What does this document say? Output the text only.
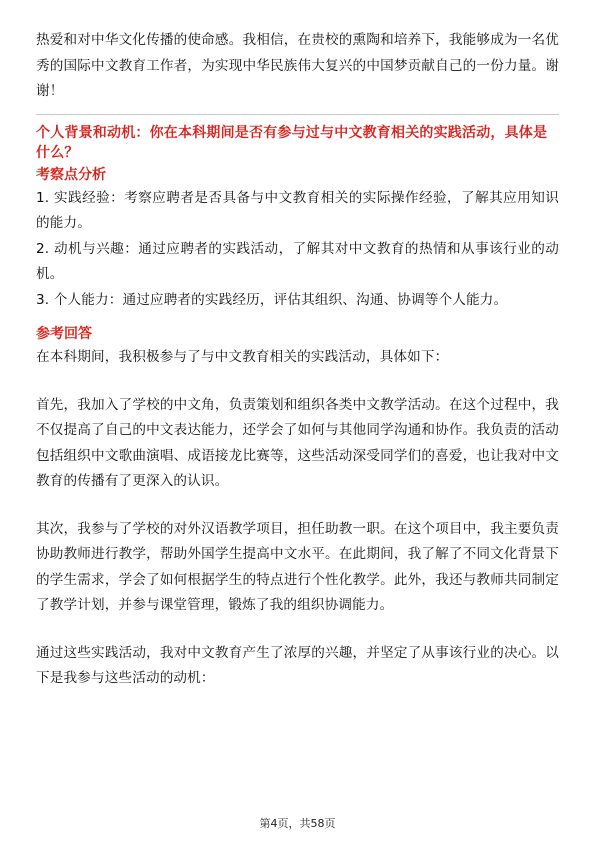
热爱和对中华文化传播的使命感。我相信，在贵校的熏陶和培养下，我能够成为一名优秀的国际中文教育工作者，为实现中华民族伟大复兴的中国梦贡献自己的一份力量。谢谢！

个人背景和动机：你在本科期间是否有参与过与中文教育相关的实践活动，具体是什么？
考察点分析

1. 实践经验：考察应聘者是否具备与中文教育相关的实际操作经验，了解其应用知识的能力。

2. 动机与兴趣：通过应聘者的实践活动，了解其对中文教育的热情和从事该行业的动机。

3. 个人能力：通过应聘者的实践经历，评估其组织、沟通、协调等个人能力。

参考回答

在本科期间，我积极参与了与中文教育相关的实践活动，具体如下：

首先，我加入了学校的中文角，负责策划和组织各类中文教学活动。在这个过程中，我不仅提高了自己的中文表达能力，还学会了如何与其他同学沟通和协作。我负责的活动包括组织中文歌曲演唱、成语接龙比赛等，这些活动深受同学们的喜爱，也让我对中文教育的传播有了更深入的认识。

其次，我参与了学校的对外汉语教学项目，担任助教一职。在这个项目中，我主要负责协助教师进行教学，帮助外国学生提高中文水平。在此期间，我了解了不同文化背景下的学生需求，学会了如何根据学生的特点进行个性化教学。此外，我还与教师共同制定了教学计划，并参与课堂管理，锻炼了我的组织协调能力。

通过这些实践活动，我对中文教育产生了浓厚的兴趣，并坚定了从事该行业的决心。以下是我参与这些活动的动机：

第4页，共58页
